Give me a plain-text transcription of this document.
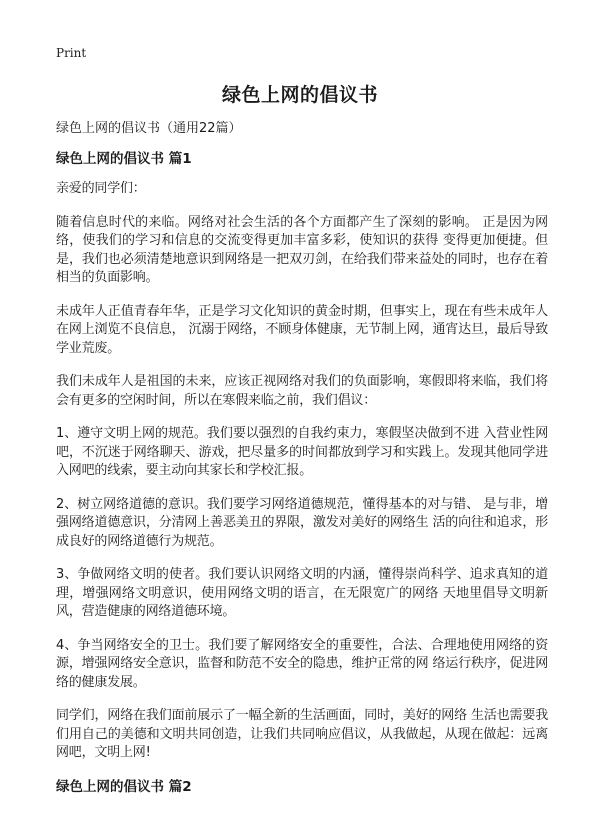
Print
绿色上网的倡议书
绿色上网的倡议书（通用22篇）
绿色上网的倡议书 篇1
亲爱的同学们：
随着信息时代的来临。网络对社会生活的各个方面都产生了深刻的影响。 正是因为网络，使我们的学习和信息的交流变得更加丰富多彩，使知识的获得 变得更加便捷。但是，我们也必须清楚地意识到网络是一把双刃剑，在给我们带来益处的同时，也存在着相当的负面影响。
未成年人正值青春年华，正是学习文化知识的黄金时期，但事实上，现在有些未成年人在网上浏览不良信息， 沉溺于网络，不顾身体健康，无节制上网，通宵达旦，最后导致学业荒废。
我们未成年人是祖国的未来，应该正视网络对我们的负面影响，寒假即将来临，我们将会有更多的空闲时间，所以在寒假来临之前，我们倡议：
1、遵守文明上网的规范。我们要以强烈的自我约束力，寒假坚决做到不进 入营业性网吧，不沉迷于网络聊天、游戏，把尽量多的时间都放到学习和实践上。发现其他同学进入网吧的线索，要主动向其家长和学校汇报。
2、树立网络道德的意识。我们要学习网络道德规范，懂得基本的对与错、 是与非，增强网络道德意识，分清网上善恶美丑的界限，激发对美好的网络生 活的向往和追求，形成良好的网络道德行为规范。
3、争做网络文明的使者。我们要认识网络文明的内涵，懂得崇尚科学、追求真知的道理，增强网络文明意识，使用网络文明的语言，在无限宽广的网络 天地里倡导文明新风，营造健康的网络道德环境。
4、争当网络安全的卫士。我们要了解网络安全的重要性，合法、合理地使用网络的资源，增强网络安全意识，监督和防范不安全的隐患，维护正常的网 络运行秩序，促进网络的健康发展。
同学们，网络在我们面前展示了一幅全新的生活画面，同时，美好的网络 生活也需要我们用自己的美德和文明共同创造，让我们共同响应倡议，从我做起，从现在做起：远离网吧，文明上网!
绿色上网的倡议书 篇2
